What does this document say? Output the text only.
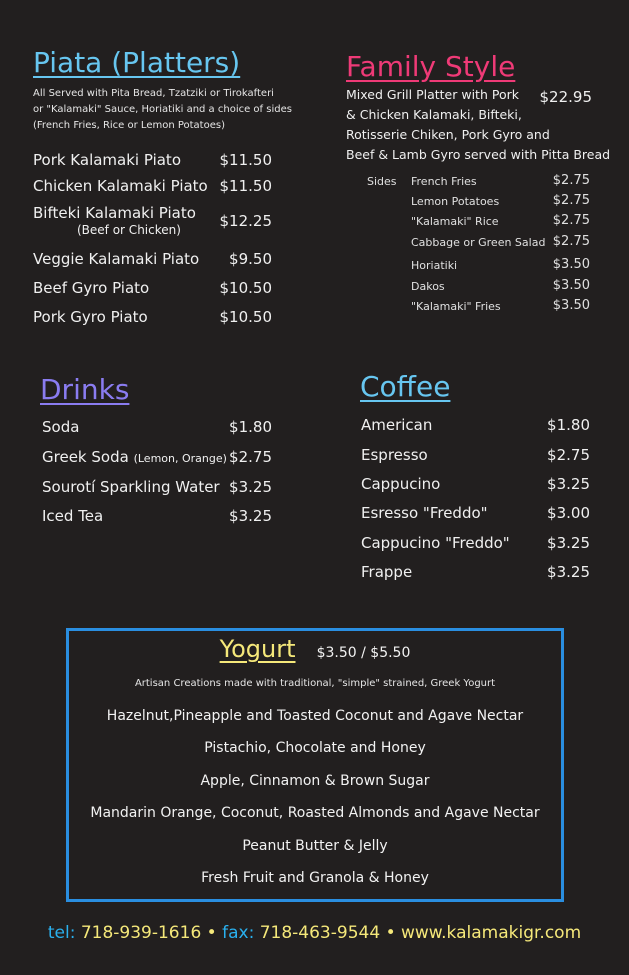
Piata (Platters)
All Served with Pita Bread, Tzatziki or Tirokafteri
or "Kalamaki" Sauce, Horiatiki and a choice of sides
(French Fries, Rice or Lemon Potatoes)
Pork Kalamaki Piato	$11.50
Chicken Kalamaki Piato $11.50
Bifteki Kalamaki Piato
(Beef or Chicken)	$12.25
Veggie Kalamaki Piato	$9.50
Beef Gyro Piato	$10.50
Pork Gyro Piato	$10.50
Family Style
Mixed Grill Platter with Pork
& Chicken Kalamaki, Bifteki,
Rotisserie Chiken, Pork Gyro and
Beef & Lamb Gyro served with Pitta Bread
$22.95
Sides French Fries	$2.75
Lemon Potatoes	$2.75
"Kalamaki" Rice	$2.75
Cabbage or Green Salad $2.75
Horiatiki	$3.50
Dakos	$3.50
"Kalamaki" Fries	$3.50
Drinks
Soda	$1.80
Greek Soda (Lemon, Orange) $2.75
Sourotí Sparkling Water $3.25
Iced Tea	$3.25
Coffee
American	$1.80
Espresso	$2.75
Cappucino	$3.25
Esresso "Freddo"	$3.00
Cappucino "Freddo"	$3.25
Frappe	$3.25
Yogurt $3.50 / $5.50
Artisan Creations made with traditional, "simple" strained, Greek Yogurt
Hazelnut,Pineapple and Toasted Coconut and Agave Nectar
Pistachio, Chocolate and Honey
Apple, Cinnamon & Brown Sugar
Mandarin Orange, Coconut, Roasted Almonds and Agave Nectar
Peanut Butter & Jelly
Fresh Fruit and Granola & Honey
tel: 718-939-1616 • fax: 718-463-9544 • www.kalamakigr.com
